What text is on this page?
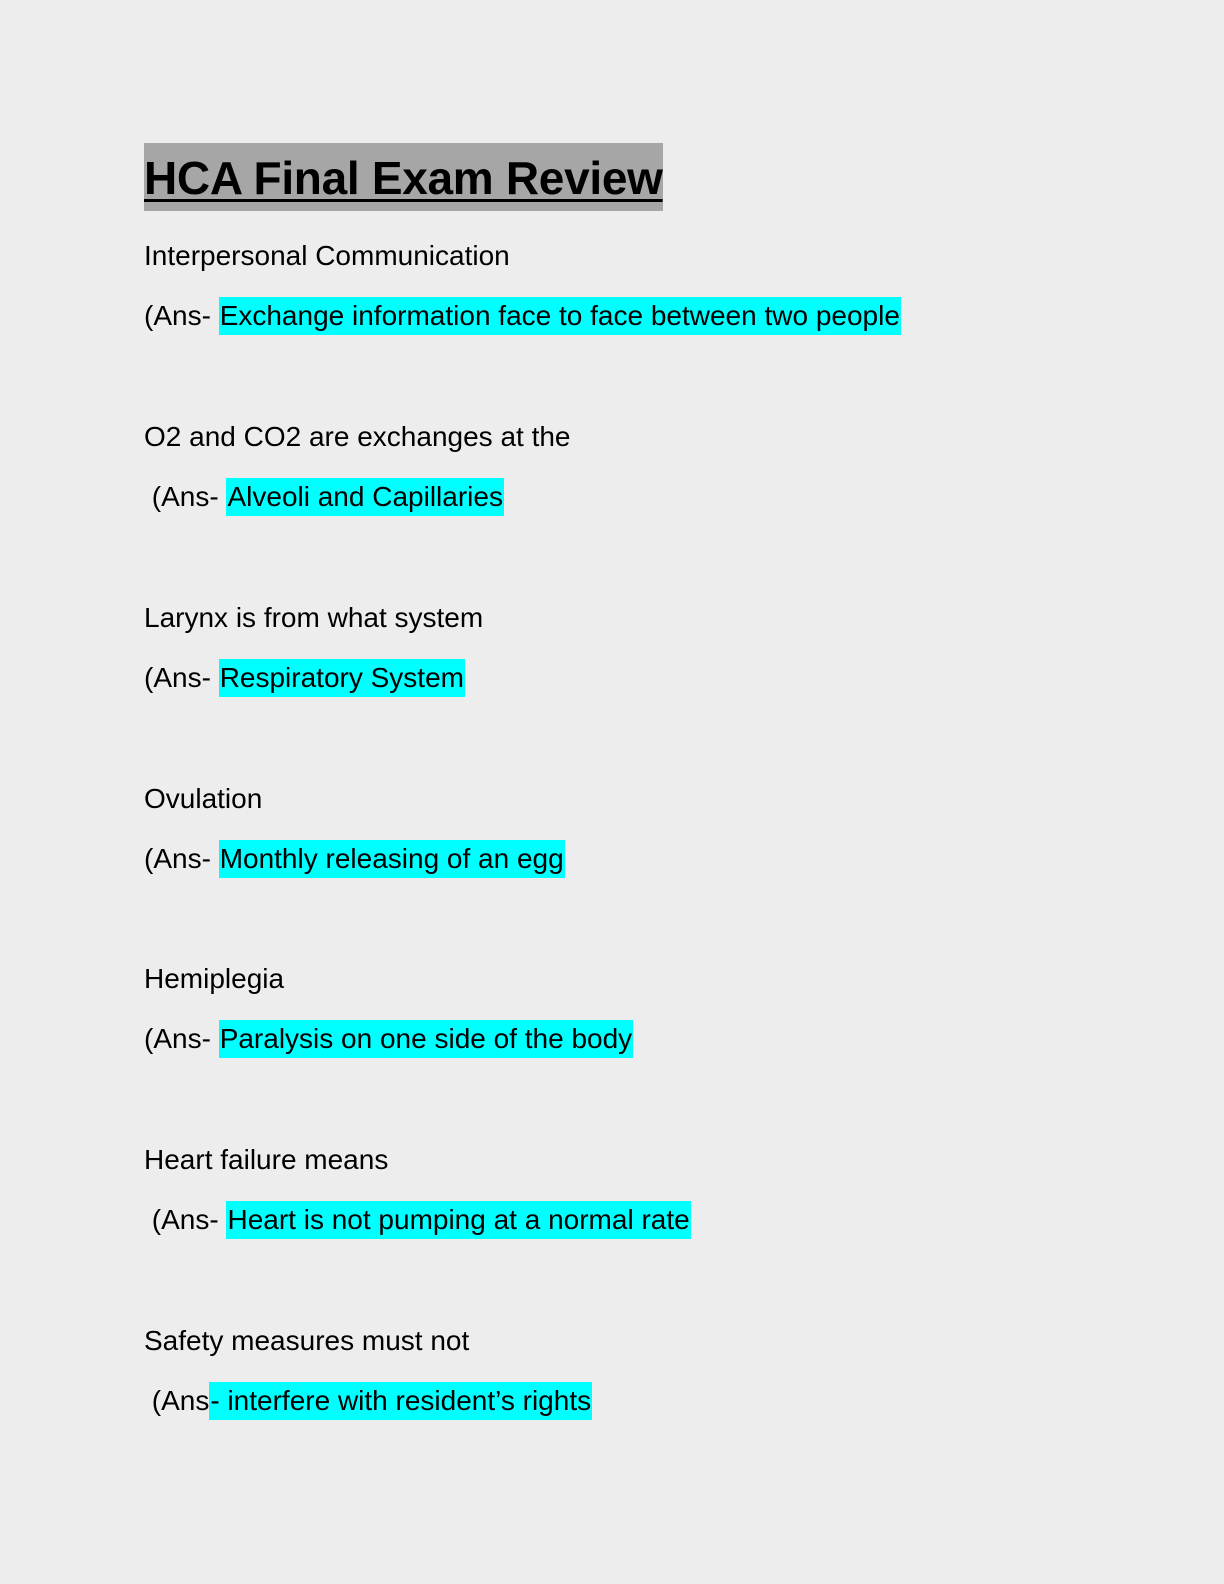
HCA Final Exam Review
Interpersonal Communication
(Ans- Exchange information face to face between two people
O2 and CO2 are exchanges at the
(Ans- Alveoli and Capillaries
Larynx is from what system
(Ans- Respiratory System
Ovulation
(Ans- Monthly releasing of an egg
Hemiplegia
(Ans- Paralysis on one side of the body
Heart failure means
(Ans- Heart is not pumping at a normal rate
Safety measures must not
(Ans- interfere with resident’s rights
